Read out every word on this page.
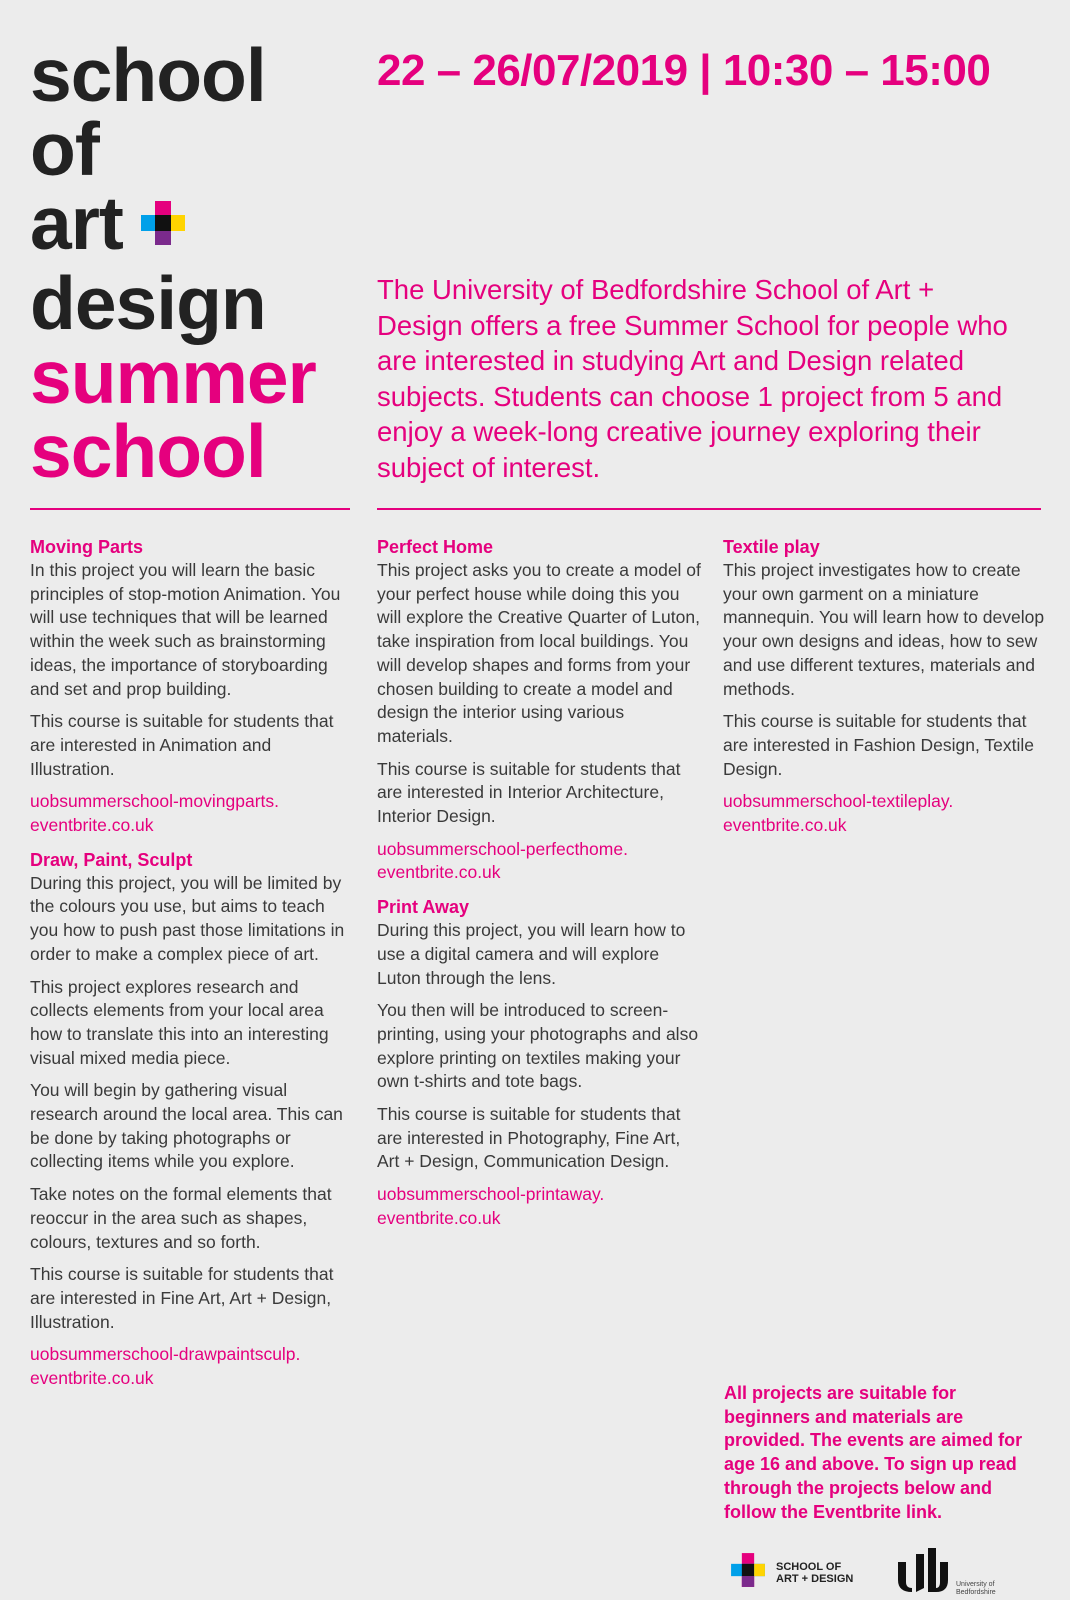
school
of
art
design
summer
school
22 – 26/07/2019 | 10:30 – 15:00
The University of Bedfordshire School of Art + Design offers a free Summer School for people who are interested in studying Art and Design related subjects. Students can choose 1 project from 5 and enjoy a week-long creative journey exploring their subject of interest.

Moving Parts

In this project you will learn the basic principles of stop-motion Animation. You will use techniques that will be learned within the week such as brainstorming ideas, the importance of storyboarding and set and prop building.

This course is suitable for students that are interested in Animation and Illustration.

uobsummerschool-movingparts.
eventbrite.co.uk

Draw, Paint, Sculpt

During this project, you will be limited by the colours you use, but aims to teach you how to push past those limitations in order to make a complex piece of art.

This project explores research and collects elements from your local area how to translate this into an interesting visual mixed media piece.

You will begin by gathering visual research around the local area. This can be done by taking photographs or collecting items while you explore.

Take notes on the formal elements that reoccur in the area such as shapes, colours, textures and so forth.

This course is suitable for students that are interested in Fine Art, Art + Design, Illustration.

uobsummerschool-drawpaintsculp.
eventbrite.co.uk

Perfect Home

This project asks you to create a model of your perfect house while doing this you will explore the Creative Quarter of Luton, take inspiration from local buildings. You will develop shapes and forms from your chosen building to create a model and design the interior using various materials.

This course is suitable for students that are interested in Interior Architecture, Interior Design.

uobsummerschool-perfecthome.
eventbrite.co.uk

Print Away

During this project, you will learn how to use a digital camera and will explore Luton through the lens.

You then will be introduced to screen-printing, using your photographs and also explore printing on textiles making your own t-shirts and tote bags.

This course is suitable for students that are interested in Photography, Fine Art, Art + Design, Communication Design.

uobsummerschool-printaway.
eventbrite.co.uk

Textile play

This project investigates how to create your own garment on a miniature mannequin. You will learn how to develop your own designs and ideas, how to sew and use different textures, materials and methods.

This course is suitable for students that are interested in Fashion Design, Textile Design.

uobsummerschool-textileplay.
eventbrite.co.uk

All projects are suitable for beginners and materials are provided. The events are aimed for age 16 and above. To sign up read through the projects below and follow the Eventbrite link.
SCHOOL OF
ART + DESIGN	University of
Bedfordshire
